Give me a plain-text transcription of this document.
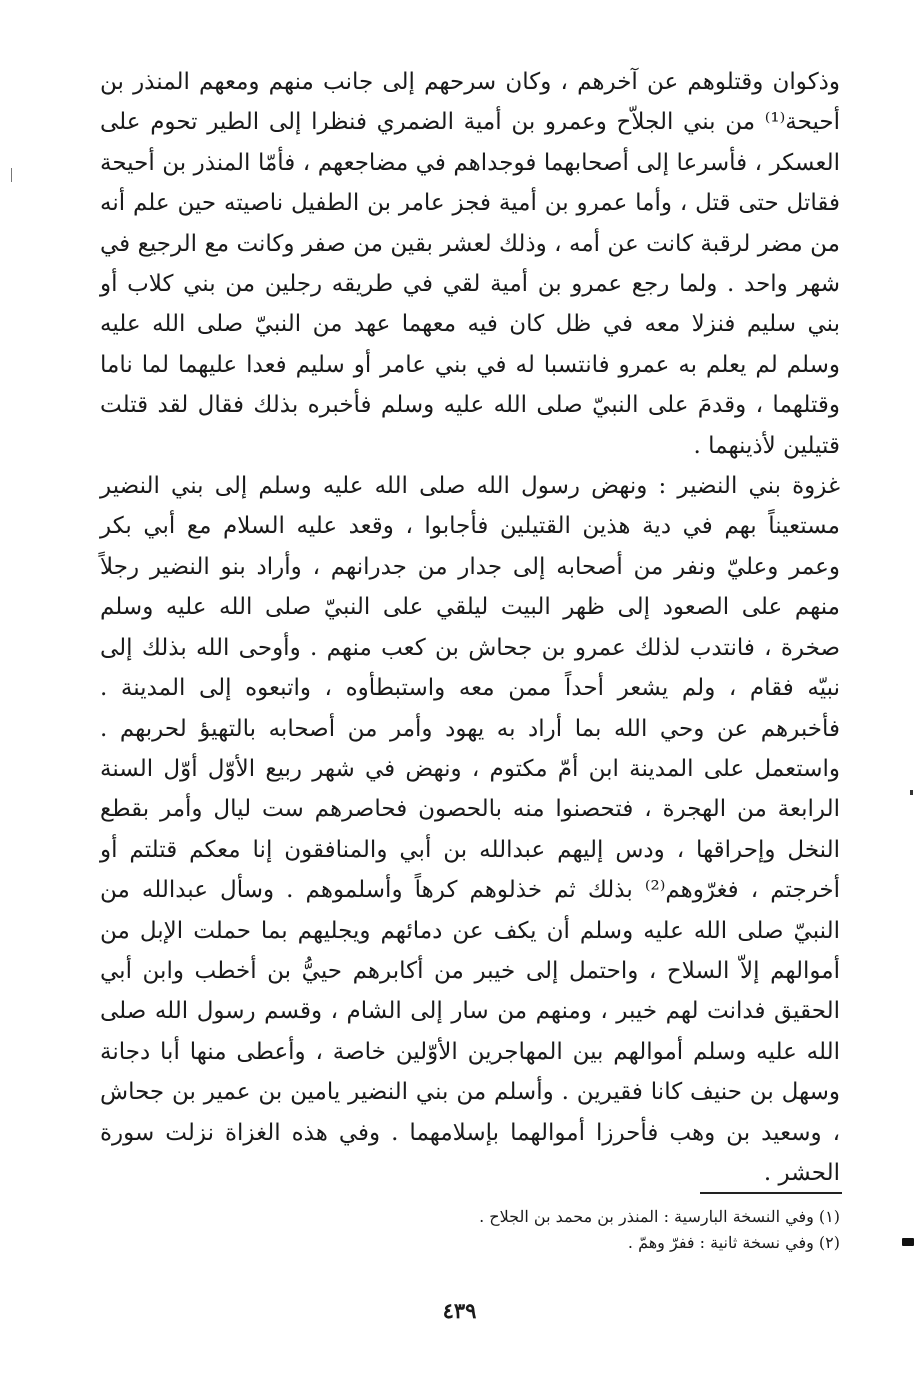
وذكوان وقتلوهم عن آخرهم ، وكان سرحهم إلى جانب منهم ومعهم المنذر بن أحيحة⁽¹⁾ من بني الجلاّح وعمرو بن أمية الضمري فنظرا إلى الطير تحوم على العسكر ، فأسرعا إلى أصحابهما فوجداهم في مضاجعهم ، فأمّا المنذر بن أحيحة فقاتل حتى قتل ، وأما عمرو بن أمية فجز عامر بن الطفيل ناصيته حين علم أنه من مضر لرقبة كانت عن أمه ، وذلك لعشر بقين من صفر وكانت مع الرجيع في شهر واحد . ولما رجع عمرو بن أمية لقي في طريقه رجلين من بني كلاب أو بني سليم فنزلا معه في ظل كان فيه معهما عهد من النبيّ صلى الله عليه وسلم لم يعلم به عمرو فانتسبا له في بني عامر أو سليم فعدا عليهما لما ناما وقتلهما ، وقدمَ على النبيّ صلى الله عليه وسلم فأخبره بذلك فقال لقد قتلت قتيلين لأذينهما .

غزوة بني النضير : ونهض رسول الله صلى الله عليه وسلم إلى بني النضير مستعيناً بهم في دية هذين القتيلين فأجابوا ، وقعد عليه السلام مع أبي بكر وعمر وعليّ ونفر من أصحابه إلى جدار من جدرانهم ، وأراد بنو النضير رجلاً منهم على الصعود إلى ظهر البيت ليلقي على النبيّ صلى الله عليه وسلم صخرة ، فانتدب لذلك عمرو بن جحاش بن كعب منهم . وأوحى الله بذلك إلى نبيّه فقام ، ولم يشعر أحداً ممن معه واستبطأوه ، واتبعوه إلى المدينة . فأخبرهم عن وحي الله بما أراد به يهود وأمر من أصحابه بالتهيؤ لحربهم . واستعمل على المدينة ابن أمّ مكتوم ، ونهض في شهر ربيع الأوّل أوّل السنة الرابعة من الهجرة ، فتحصنوا منه بالحصون فحاصرهم ست ليال وأمر بقطع النخل وإحراقها ، ودس إليهم عبدالله بن أبي والمنافقون إنا معكم قتلتم أو أخرجتم ، فغرّوهم⁽²⁾ بذلك ثم خذلوهم كرهاً وأسلموهم . وسأل عبدالله من النبيّ صلى الله عليه وسلم أن يكف عن دمائهم ويجليهم بما حملت الإبل من أموالهم إلاّ السلاح ، واحتمل إلى خيبر من أكابرهم حييُّ بن أخطب وابن أبي الحقيق فدانت لهم خيبر ، ومنهم من سار إلى الشام ، وقسم رسول الله صلى الله عليه وسلم أموالهم بين المهاجرين الأوّلين خاصة ، وأعطى منها أبا دجانة وسهل بن حنيف كانا فقيرين . وأسلم من بني النضير يامين بن عمير بن جحاش ، وسعيد بن وهب فأحرزا أموالهما بإسلامهما . وفي هذه الغزاة نزلت سورة الحشر .

(١) وفي النسخة البارسية : المنذر بن محمد بن الجلاح .

(٢) وفي نسخة ثانية : ففرّ وهمّ .

٤٣٩
